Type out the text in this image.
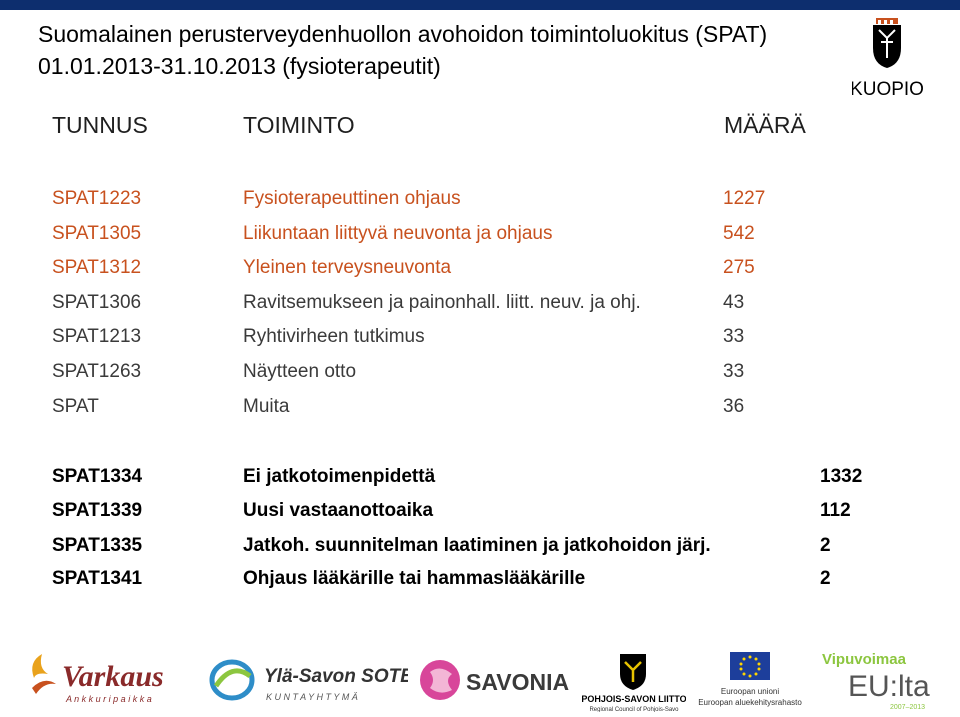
Suomalainen perusterveydenhuollon avohoidon toimintoluokitus (SPAT)
01.01.2013-31.10.2013 (fysioterapeutit)
KUOPIO
TUNNUS	TOIMINTO	MÄÄRÄ
SPAT1223	Fysioterapeuttinen ohjaus	1227
SPAT1305	Liikuntaan liittyvä neuvonta ja ohjaus	542
SPAT1312	Yleinen terveysneuvonta	275
SPAT1306	Ravitsemukseen ja painonhall. liitt. neuv. ja ohj.	43
SPAT1213	Ryhtivirheen tutkimus	33
SPAT1263	Näytteen otto	33
SPAT	Muita	36
SPAT1334	Ei jatkotoimenpidettä	1332
SPAT1339	Uusi vastaanottoaika	112
SPAT1335	Jatkoh. suunnitelman laatiminen ja jatkohoidon järj.	2
SPAT1341	Ohjaus lääkärille tai hammaslääkärille	2
Varkaus
A n k k u r i p a i k k a
Ylä-Savon SOTE
K U N T A Y H T Y M Ä
SAVONIA
POHJOIS-SAVON LIITTO
Regional Council of Pohjois-Savo
Euroopan unioni
Euroopan aluekehitysrahasto
Vipuvoimaa
EU:lta
2007–2013
